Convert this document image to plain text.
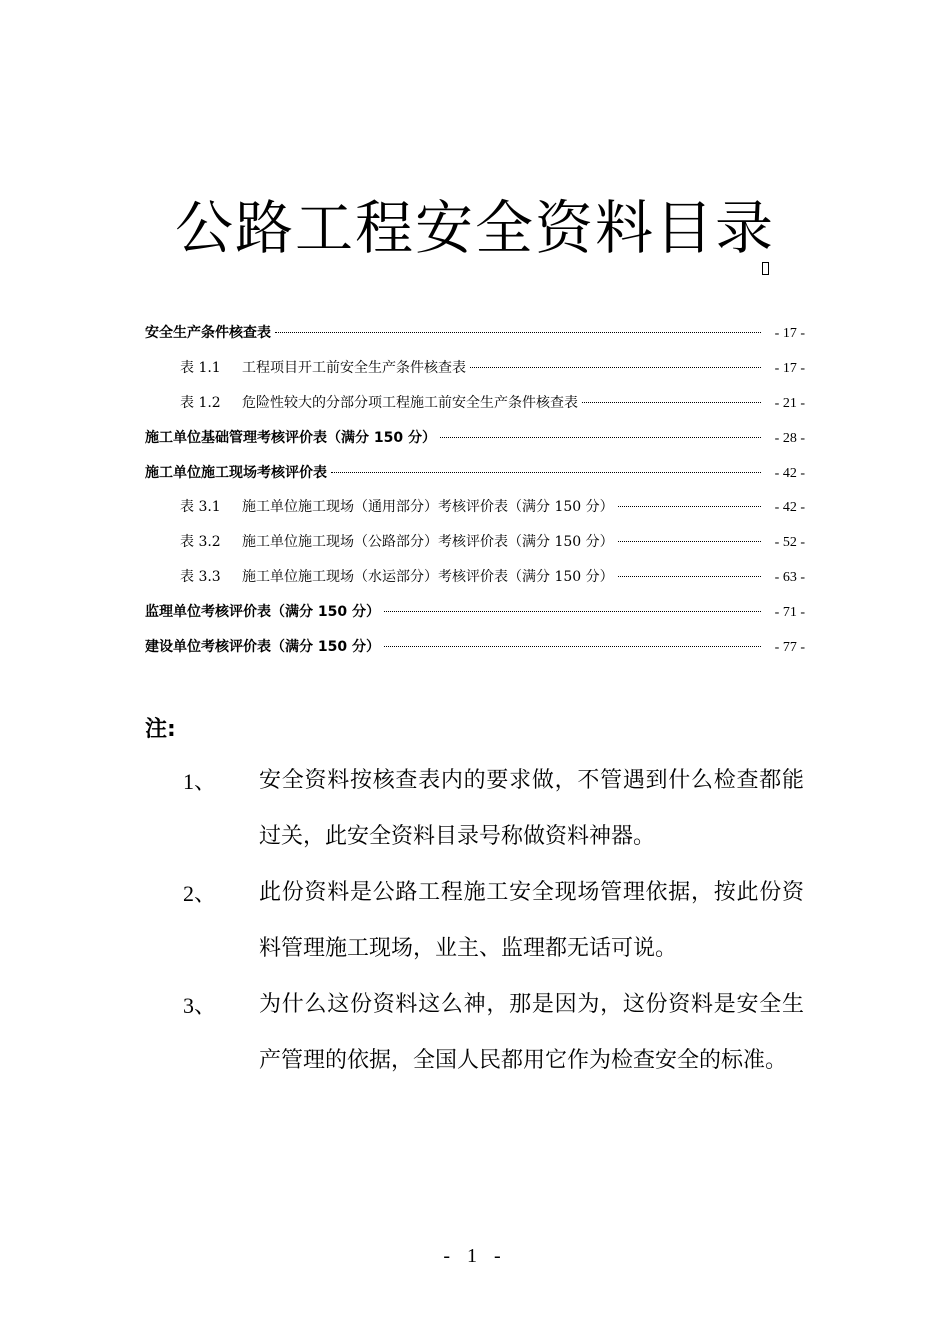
公路工程安全资料目录
安全生产条件核查表	- 17 -
表 1.1 工程项目开工前安全生产条件核查表	- 17 -
表 1.2 危险性较大的分部分项工程施工前安全生产条件核查表	- 21 -
施工单位基础管理考核评价表（满分 150 分）	- 28 -
施工单位施工现场考核评价表	- 42 -
表 3.1 施工单位施工现场（通用部分）考核评价表（满分 150 分）	- 42 -
表 3.2 施工单位施工现场（公路部分）考核评价表（满分 150 分）	- 52 -
表 3.3 施工单位施工现场（水运部分）考核评价表（满分 150 分）	- 63 -
监理单位考核评价表（满分 150 分）	- 71 -
建设单位考核评价表（满分 150 分）	- 77 -
注:
1、 安全资料按核查表内的要求做，不管遇到什么检查都能过关，此安全资料目录号称做资料神器。
2、 此份资料是公路工程施工安全现场管理依据，按此份资料管理施工现场，业主、监理都无话可说。
3、 为什么这份资料这么神，那是因为，这份资料是安全生产管理的依据，全国人民都用它作为检查安全的标准。
- 1 -
